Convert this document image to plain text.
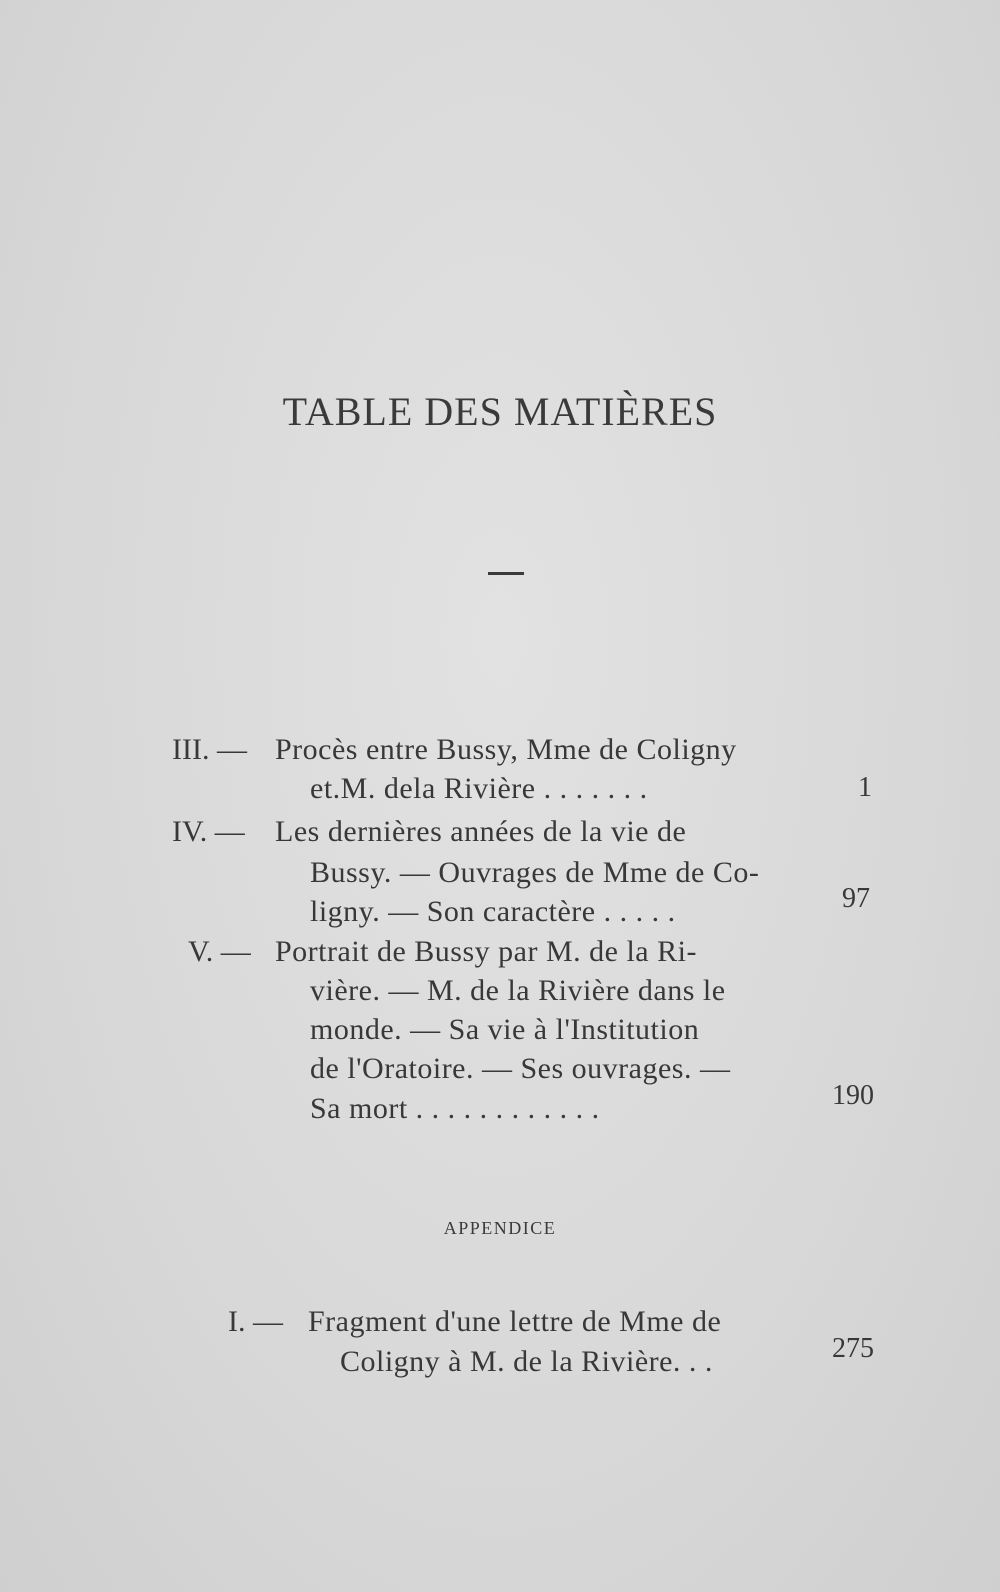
TABLE DES MATIÈRES
III. — Procès entre Bussy, Mme de Coligny
et.M. dela Rivière . . . . . . .	1
IV. — Les dernières années de la vie de
Bussy. — Ouvrages de Mme de Co-
ligny. — Son caractère . . . . .	97
V. — Portrait de Bussy par M. de la Ri-
vière. — M. de la Rivière dans le
monde. — Sa vie à l'Institution
de l'Oratoire. — Ses ouvrages. —
Sa mort . . . . . . . . . . . .	190
APPENDICE
I. — Fragment d'une lettre de Mme de
Coligny à M. de la Rivière. . .	275
